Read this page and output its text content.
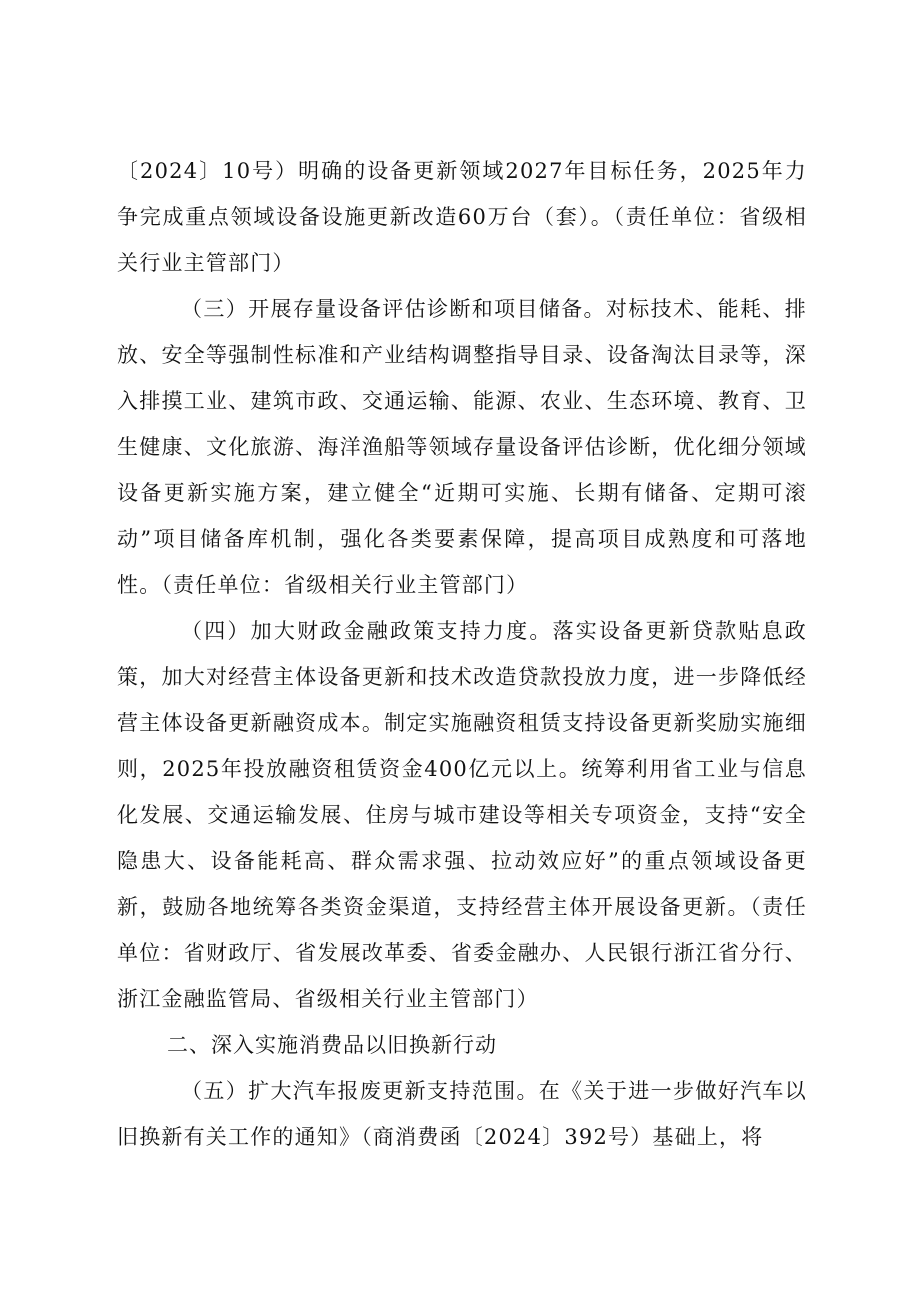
〔2024〕10号）明确的设备更新领域2027年目标任务，2025年力争完成重点领域设备设施更新改造60万台（套）。（责任单位：省级相关行业主管部门）

（三）开展存量设备评估诊断和项目储备。对标技术、能耗、排放、安全等强制性标准和产业结构调整指导目录、设备淘汰目录等，深入排摸工业、建筑市政、交通运输、能源、农业、生态环境、教育、卫生健康、文化旅游、海洋渔船等领域存量设备评估诊断，优化细分领域设备更新实施方案，建立健全“近期可实施、长期有储备、定期可滚动”项目储备库机制，强化各类要素保障，提高项目成熟度和可落地性。（责任单位：省级相关行业主管部门）

（四）加大财政金融政策支持力度。落实设备更新贷款贴息政策，加大对经营主体设备更新和技术改造贷款投放力度，进一步降低经营主体设备更新融资成本。制定实施融资租赁支持设备更新奖励实施细则，2025年投放融资租赁资金400亿元以上。统筹利用省工业与信息化发展、交通运输发展、住房与城市建设等相关专项资金，支持“安全隐患大、设备能耗高、群众需求强、拉动效应好”的重点领域设备更新，鼓励各地统筹各类资金渠道，支持经营主体开展设备更新。（责任单位：省财政厅、省发展改革委、省委金融办、人民银行浙江省分行、浙江金融监管局、省级相关行业主管部门）

二、深入实施消费品以旧换新行动

（五）扩大汽车报废更新支持范围。在《关于进一步做好汽车以旧换新有关工作的通知》（商消费函〔2024〕392号）基础上，将
